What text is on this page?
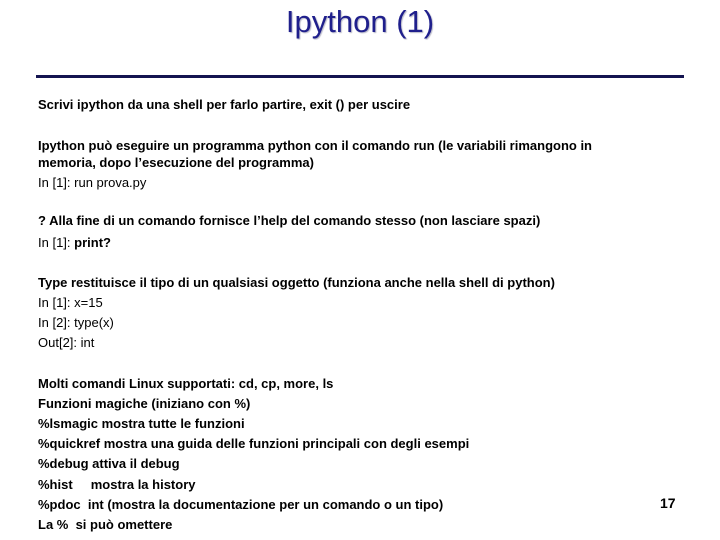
Ipython (1)
Scrivi ipython da una shell per farlo partire, exit () per uscire
Ipython può eseguire un programma python con il comando run (le variabili rimangono in
memoria, dopo l’esecuzione del programma)
In [1]: run prova.py
? Alla fine di un comando fornisce l’help del comando stesso (non lasciare spazi)
In [1]: print?
Type restituisce il tipo di un qualsiasi oggetto (funziona anche nella shell di python)
In [1]: x=15
In [2]: type(x)
Out[2]: int
Molti comandi Linux supportati: cd, cp, more, ls
Funzioni magiche (iniziano con %)
%lsmagic mostra tutte le funzioni
%quickref mostra una guida delle funzioni principali con degli esempi
%debug attiva il debug
%hist     mostra la history
%pdoc  int (mostra la documentazione per un comando o un tipo)
La %  si può omettere
17
